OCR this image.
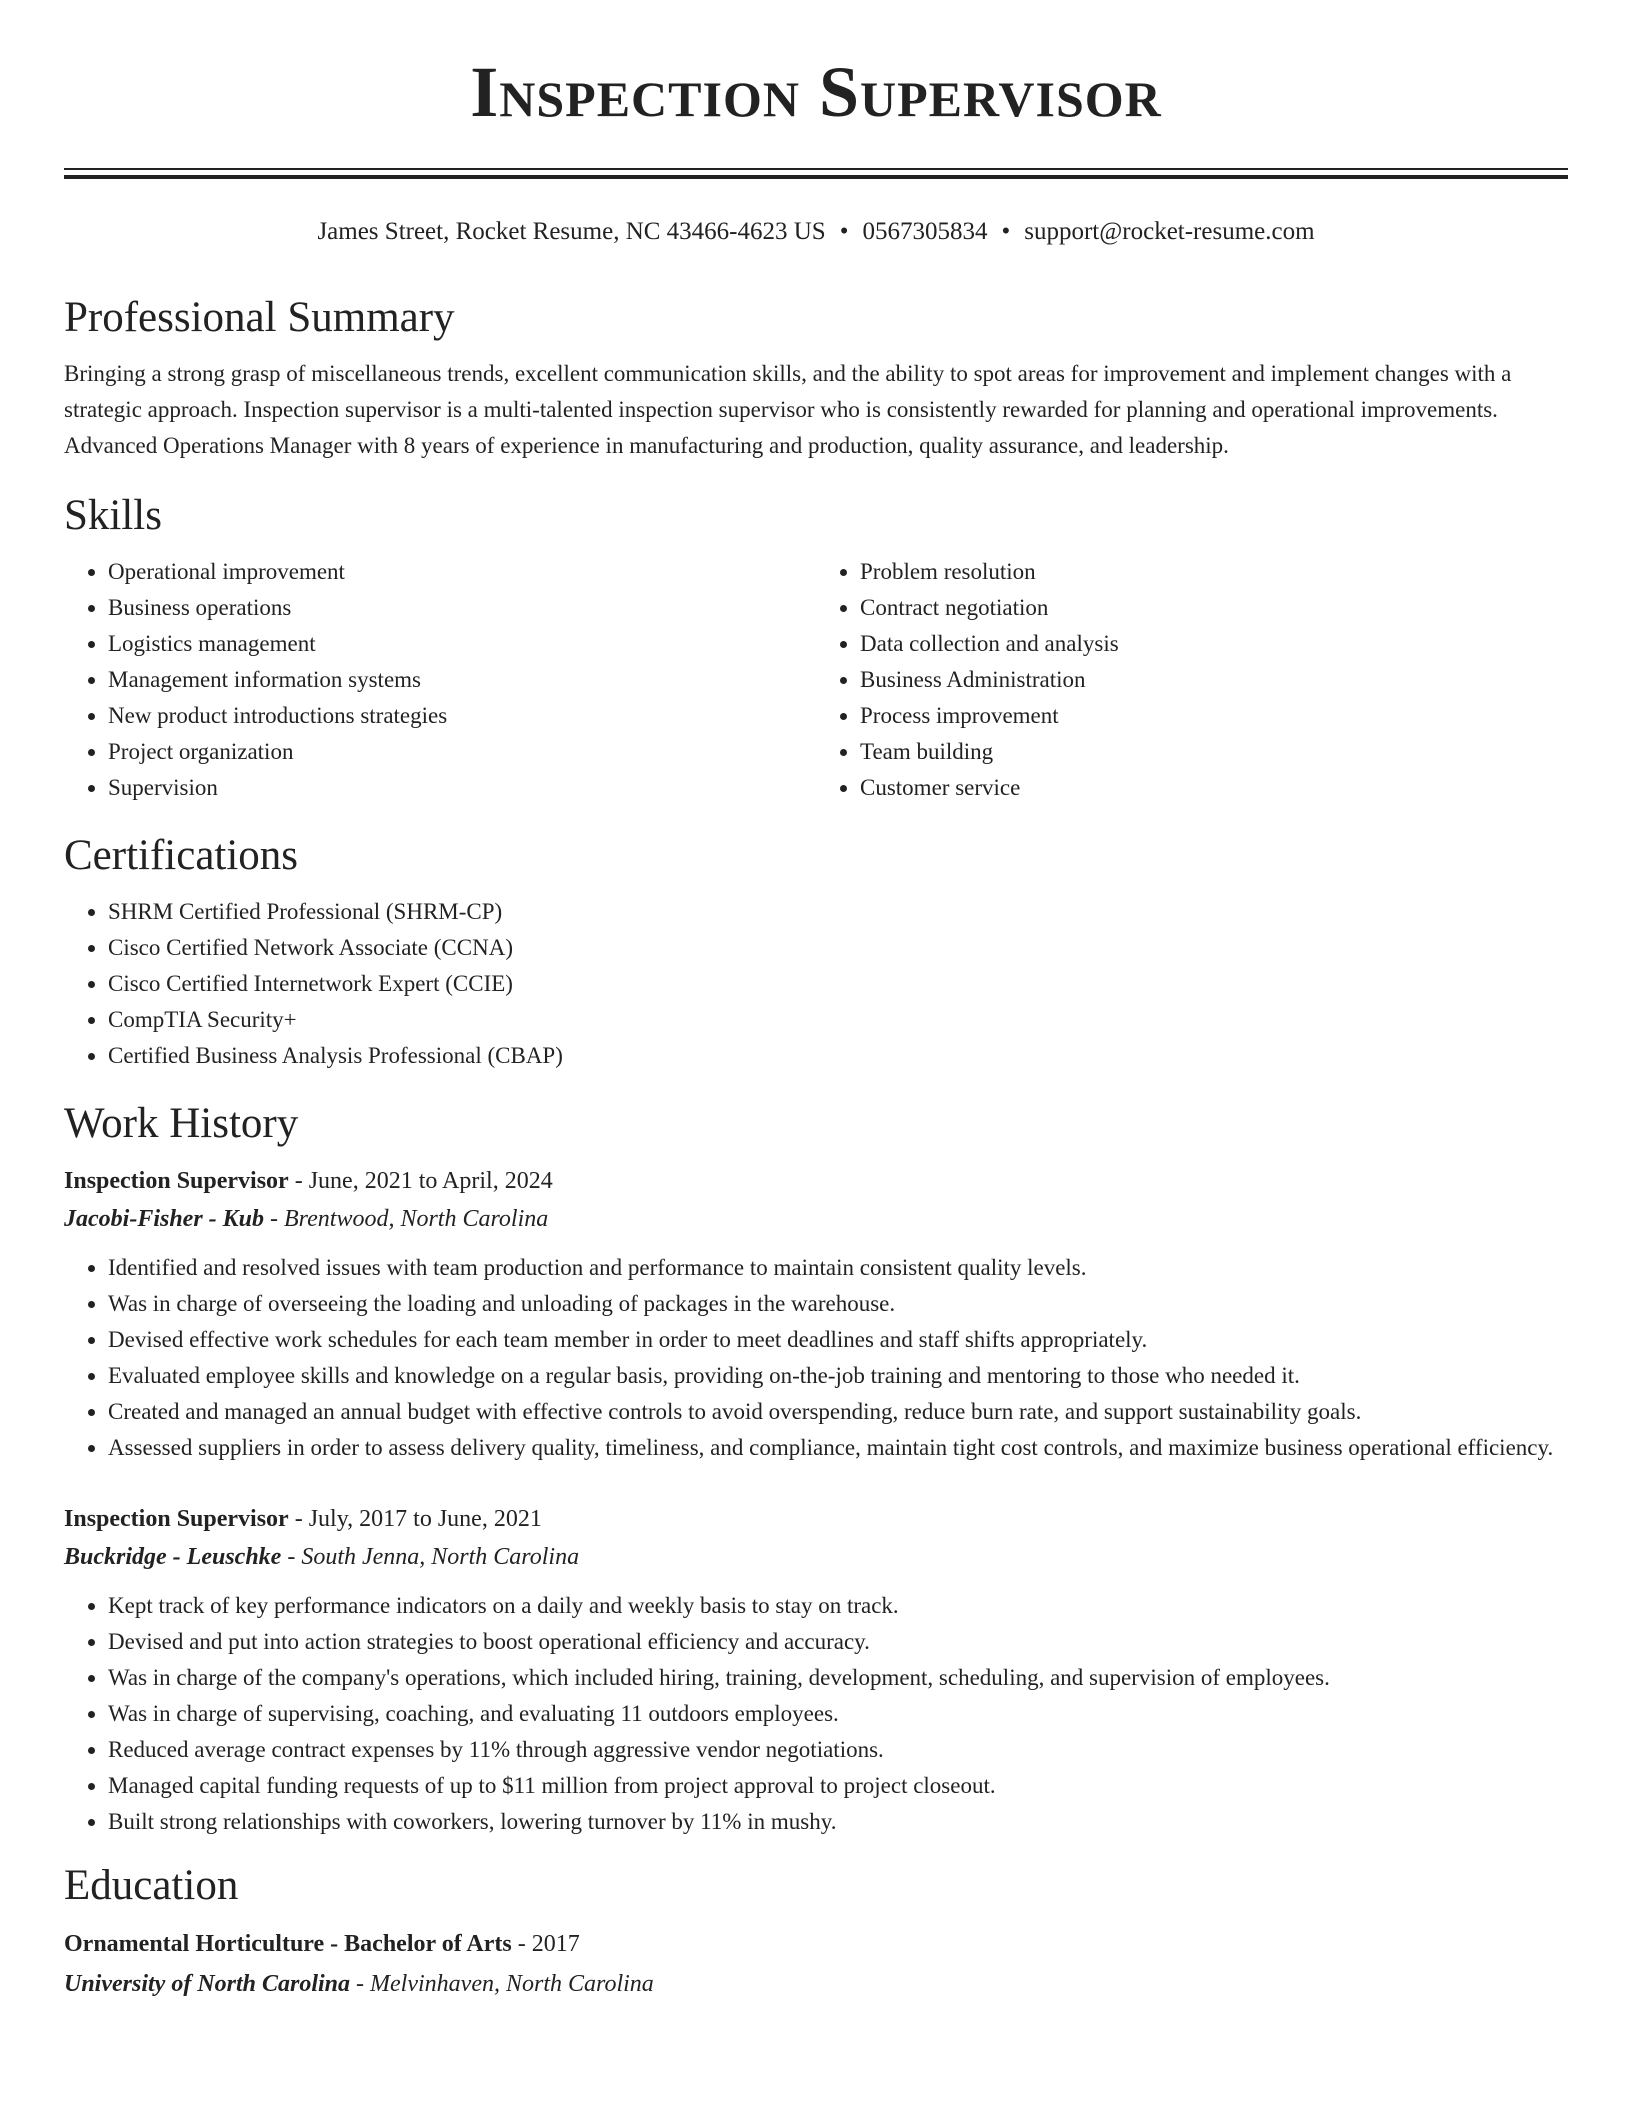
Inspection Supervisor
James Street, Rocket Resume, NC 43466-4623 US • 0567305834 • support@rocket-resume.com
Professional Summary

Bringing a strong grasp of miscellaneous trends, excellent communication skills, and the ability to spot areas for improvement and implement changes with a strategic approach. Inspection supervisor is a multi-talented inspection supervisor who is consistently rewarded for planning and operational improvements. Advanced Operations Manager with 8 years of experience in manufacturing and production, quality assurance, and leadership.

Skills
• Operational improvement
• Business operations
• Logistics management
• Management information systems
• New product introductions strategies
• Project organization
• Supervision
• Problem resolution
• Contract negotiation
• Data collection and analysis
• Business Administration
• Process improvement
• Team building
• Customer service
Certifications
• SHRM Certified Professional (SHRM-CP)
• Cisco Certified Network Associate (CCNA)
• Cisco Certified Internetwork Expert (CCIE)
• CompTIA Security+
• Certified Business Analysis Professional (CBAP)
Work History
Inspection Supervisor - June, 2021 to April, 2024
Jacobi-Fisher - Kub - Brentwood, North Carolina
• Identified and resolved issues with team production and performance to maintain consistent quality levels.
• Was in charge of overseeing the loading and unloading of packages in the warehouse.
• Devised effective work schedules for each team member in order to meet deadlines and staff shifts appropriately.
• Evaluated employee skills and knowledge on a regular basis, providing on-the-job training and mentoring to those who needed it.
• Created and managed an annual budget with effective controls to avoid overspending, reduce burn rate, and support sustainability goals.
• Assessed suppliers in order to assess delivery quality, timeliness, and compliance, maintain tight cost controls, and maximize business operational efficiency.
Inspection Supervisor - July, 2017 to June, 2021
Buckridge - Leuschke - South Jenna, North Carolina
• Kept track of key performance indicators on a daily and weekly basis to stay on track.
• Devised and put into action strategies to boost operational efficiency and accuracy.
• Was in charge of the company's operations, which included hiring, training, development, scheduling, and supervision of employees.
• Was in charge of supervising, coaching, and evaluating 11 outdoors employees.
• Reduced average contract expenses by 11% through aggressive vendor negotiations.
• Managed capital funding requests of up to $11 million from project approval to project closeout.
• Built strong relationships with coworkers, lowering turnover by 11% in mushy.
Education
Ornamental Horticulture - Bachelor of Arts - 2017
University of North Carolina - Melvinhaven, North Carolina
